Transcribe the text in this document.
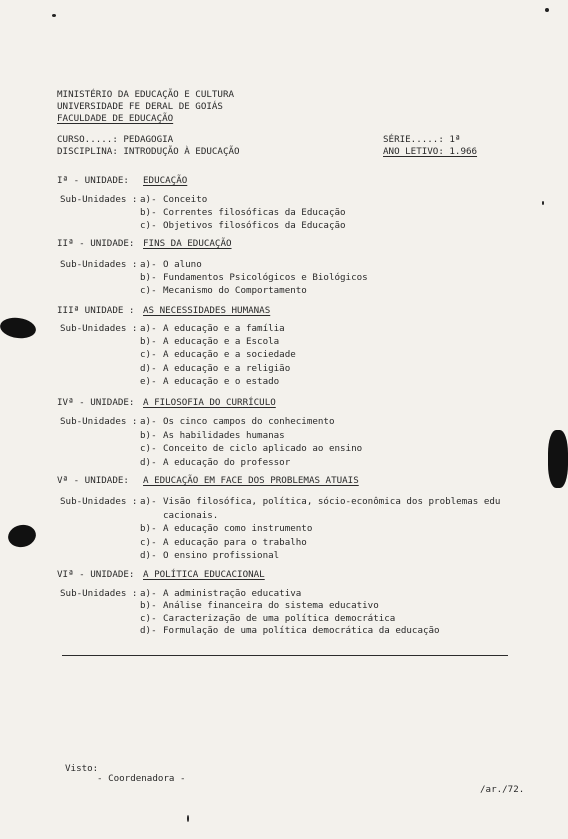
MINISTÉRIO DA EDUCAÇÃO E CULTURA
UNIVERSIDADE FE DERAL DE GOIÁS
FACULDADE DE EDUCAÇÃO
CURSO.....: PEDAGOGIA	SÉRIE.....: 1ª
DISCIPLINA: INTRODUÇÃO À EDUCAÇÃO	ANO LETIVO: 1.966
Iª - UNIDADE: EDUCAÇÃO
Sub-Unidades : a)- Conceito
b)- Correntes filosóficas da Educação
c)- Objetivos filosóficos da Educação
IIª - UNIDADE: FINS DA EDUCAÇÃO
Sub-Unidades : a)- O aluno
b)- Fundamentos Psicológicos e Biológicos
c)- Mecanismo do Comportamento
IIIª UNIDADE : AS NECESSIDADES HUMANAS
Sub-Unidades : a)- A educação e a família
b)- A educação e a Escola
c)- A educação e a sociedade
d)- A educação e a religião
e)- A educação e o estado
IVª - UNIDADE: A FILOSOFIA DO CURRÍCULO
Sub-Unidades : a)- Os cinco campos do conhecimento
b)- As habilidades humanas
c)- Conceito de ciclo aplicado ao ensino
d)- A educação do professor
Vª - UNIDADE: A EDUCAÇÃO EM FACE DOS PROBLEMAS ATUAIS
Sub-Unidades : a)- Visão filosófica, política, sócio-econômica dos problemas edu
cacionais.
b)- A educação como instrumento
c)- A educação para o trabalho
d)- O ensino profissional
VIª - UNIDADE: A POLÍTICA EDUCACIONAL
Sub-Unidades : a)- A administração educativa
b)- Análise financeira do sistema educativo
c)- Caracterização de uma política democrática
d)- Formulação de uma política democrática da educação
Visto:
- Coordenadora -
/ar./72.
